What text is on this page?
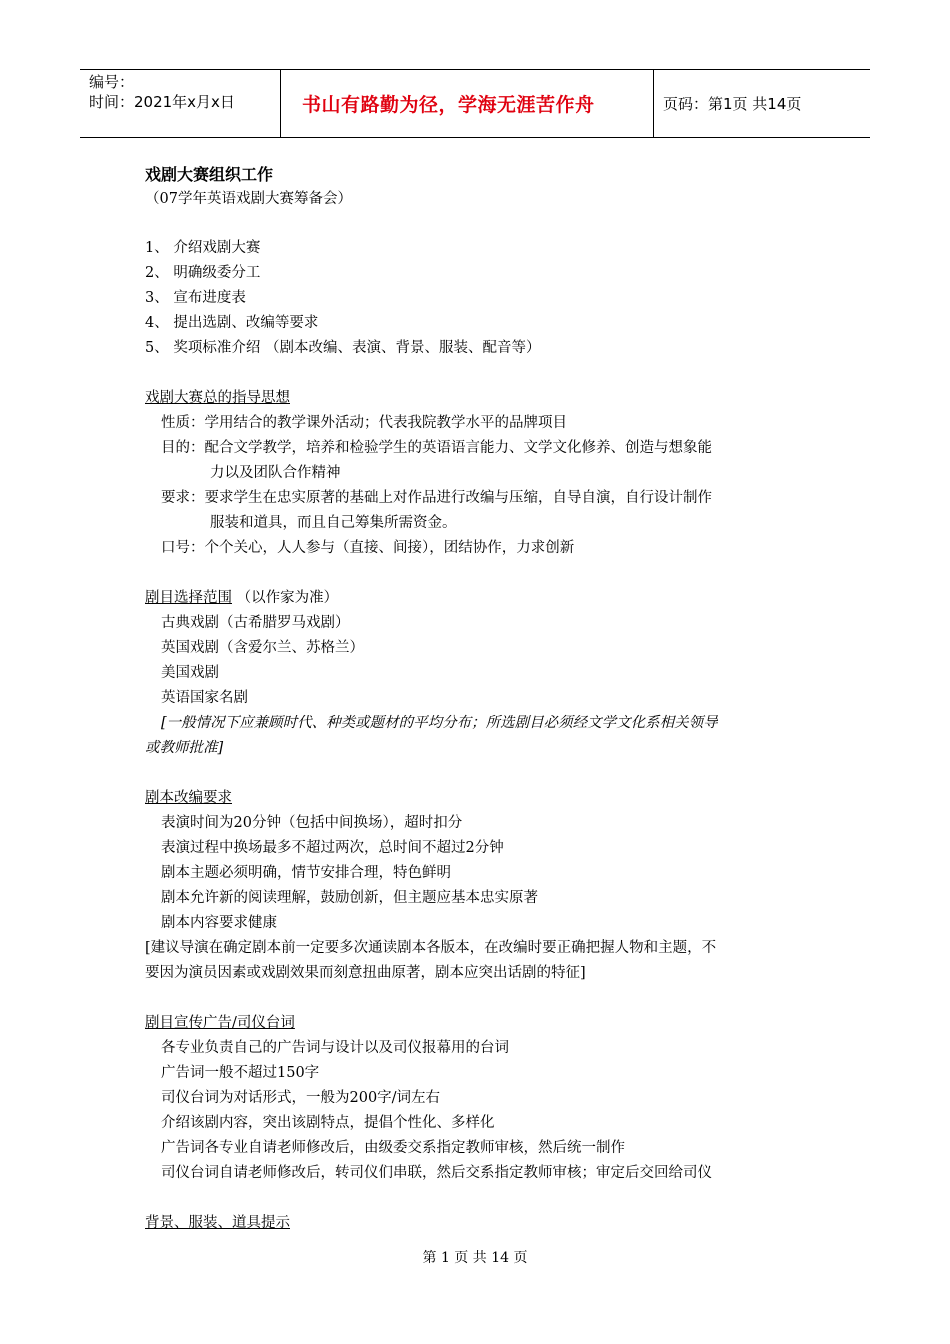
编号：
时间：2021年x月x日	书山有路勤为径，学海无涯苦作舟	页码：第1页 共14页
戏剧大赛组织工作
（07学年英语戏剧大赛筹备会）
1、 介绍戏剧大赛
2、 明确级委分工
3、 宣布进度表
4、 提出选剧、改编等要求
5、 奖项标准介绍 （剧本改编、表演、背景、服装、配音等）
戏剧大赛总的指导思想
性质：学用结合的教学课外活动；代表我院教学水平的品牌项目
目的：配合文学教学，培养和检验学生的英语语言能力、文学文化修养、创造与想象能
力以及团队合作精神
要求：要求学生在忠实原著的基础上对作品进行改编与压缩，自导自演，自行设计制作
服装和道具，而且自己筹集所需资金。
口号：个个关心，人人参与（直接、间接），团结协作，力求创新
剧目选择范围 （以作家为准）
古典戏剧（古希腊罗马戏剧）
英国戏剧（含爱尔兰、苏格兰）
美国戏剧
英语国家名剧
[一般情况下应兼顾时代、种类或题材的平均分布；所选剧目必须经文学文化系相关领导
或教师批准]
剧本改编要求
表演时间为20分钟（包括中间换场），超时扣分
表演过程中换场最多不超过两次，总时间不超过2分钟
剧本主题必须明确，情节安排合理，特色鲜明
剧本允许新的阅读理解，鼓励创新，但主题应基本忠实原著
剧本内容要求健康
[建议导演在确定剧本前一定要多次通读剧本各版本，在改编时要正确把握人物和主题，不
要因为演员因素或戏剧效果而刻意扭曲原著，剧本应突出话剧的特征]
剧目宣传广告/司仪台词
各专业负责自己的广告词与设计以及司仪报幕用的台词
广告词一般不超过150字
司仪台词为对话形式，一般为200字/词左右
介绍该剧内容，突出该剧特点，提倡个性化、多样化
广告词各专业自请老师修改后，由级委交系指定教师审核，然后统一制作
司仪台词自请老师修改后，转司仪们串联，然后交系指定教师审核；审定后交回给司仪
背景、服装、道具提示
第 1 页 共 14 页
